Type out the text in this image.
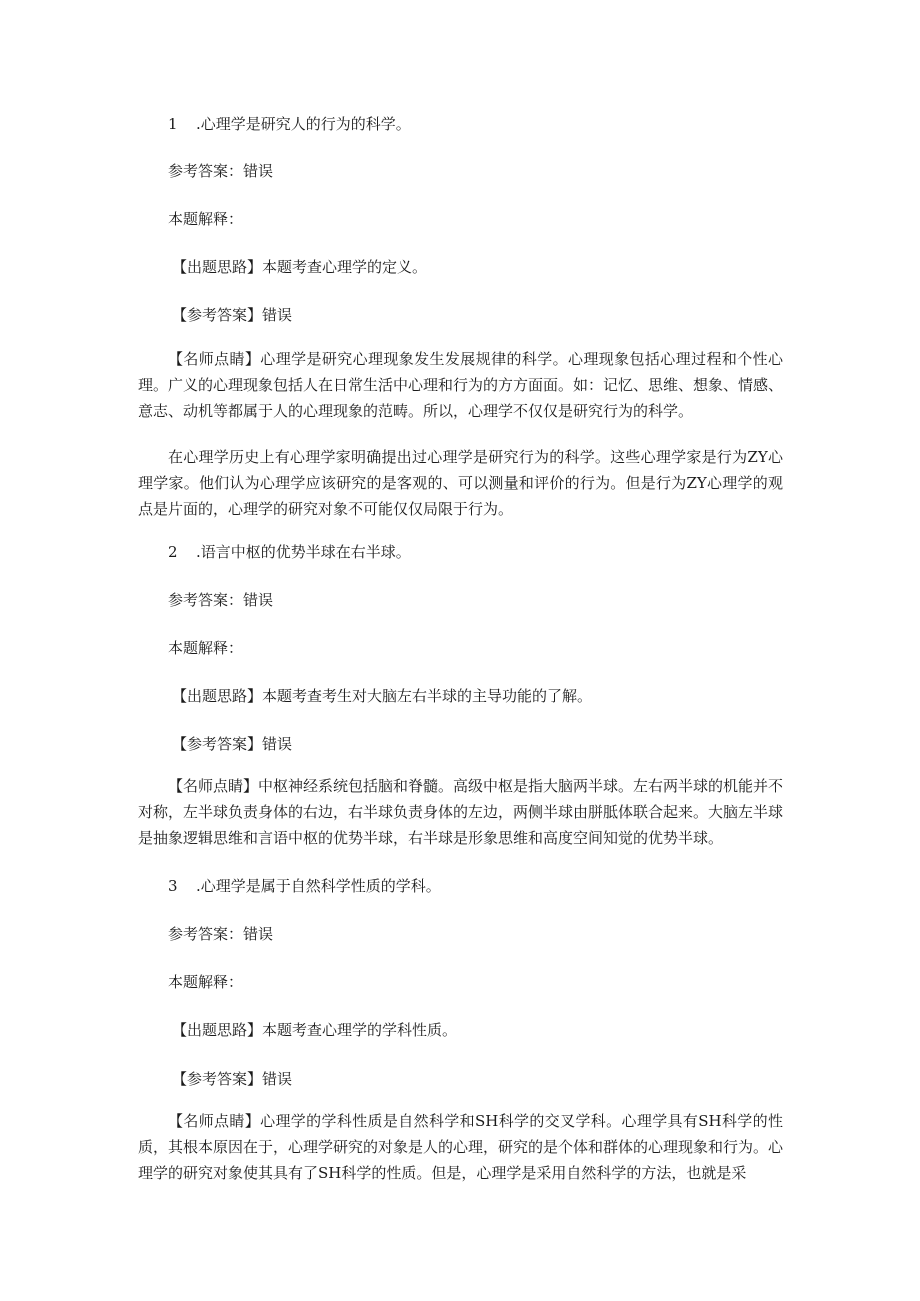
1 .心理学是研究人的行为的科学。
参考答案：错误
本题解释：
【出题思路】本题考查心理学的定义。
【参考答案】错误
【名师点睛】心理学是研究心理现象发生发展规律的科学。心理现象包括心理过程和个性心理。广义的心理现象包括人在日常生活中心理和行为的方方面面。如：记忆、思维、想象、情感、意志、动机等都属于人的心理现象的范畴。所以，心理学不仅仅是研究行为的科学。
在心理学历史上有心理学家明确提出过心理学是研究行为的科学。这些心理学家是行为ZY心理学家。他们认为心理学应该研究的是客观的、可以测量和评价的行为。但是行为ZY心理学的观点是片面的，心理学的研究对象不可能仅仅局限于行为。
2 .语言中枢的优势半球在右半球。
参考答案：错误
本题解释：
【出题思路】本题考查考生对大脑左右半球的主导功能的了解。
【参考答案】错误
【名师点睛】中枢神经系统包括脑和脊髓。高级中枢是指大脑两半球。左右两半球的机能并不对称，左半球负责身体的右边，右半球负责身体的左边，两侧半球由胼胝体联合起来。大脑左半球是抽象逻辑思维和言语中枢的优势半球，右半球是形象思维和高度空间知觉的优势半球。
3 .心理学是属于自然科学性质的学科。
参考答案：错误
本题解释：
【出题思路】本题考查心理学的学科性质。
【参考答案】错误
【名师点睛】心理学的学科性质是自然科学和SH科学的交叉学科。心理学具有SH科学的性质，其根本原因在于，心理学研究的对象是人的心理，研究的是个体和群体的心理现象和行为。心理学的研究对象使其具有了SH科学的性质。但是，心理学是采用自然科学的方法，也就是采
